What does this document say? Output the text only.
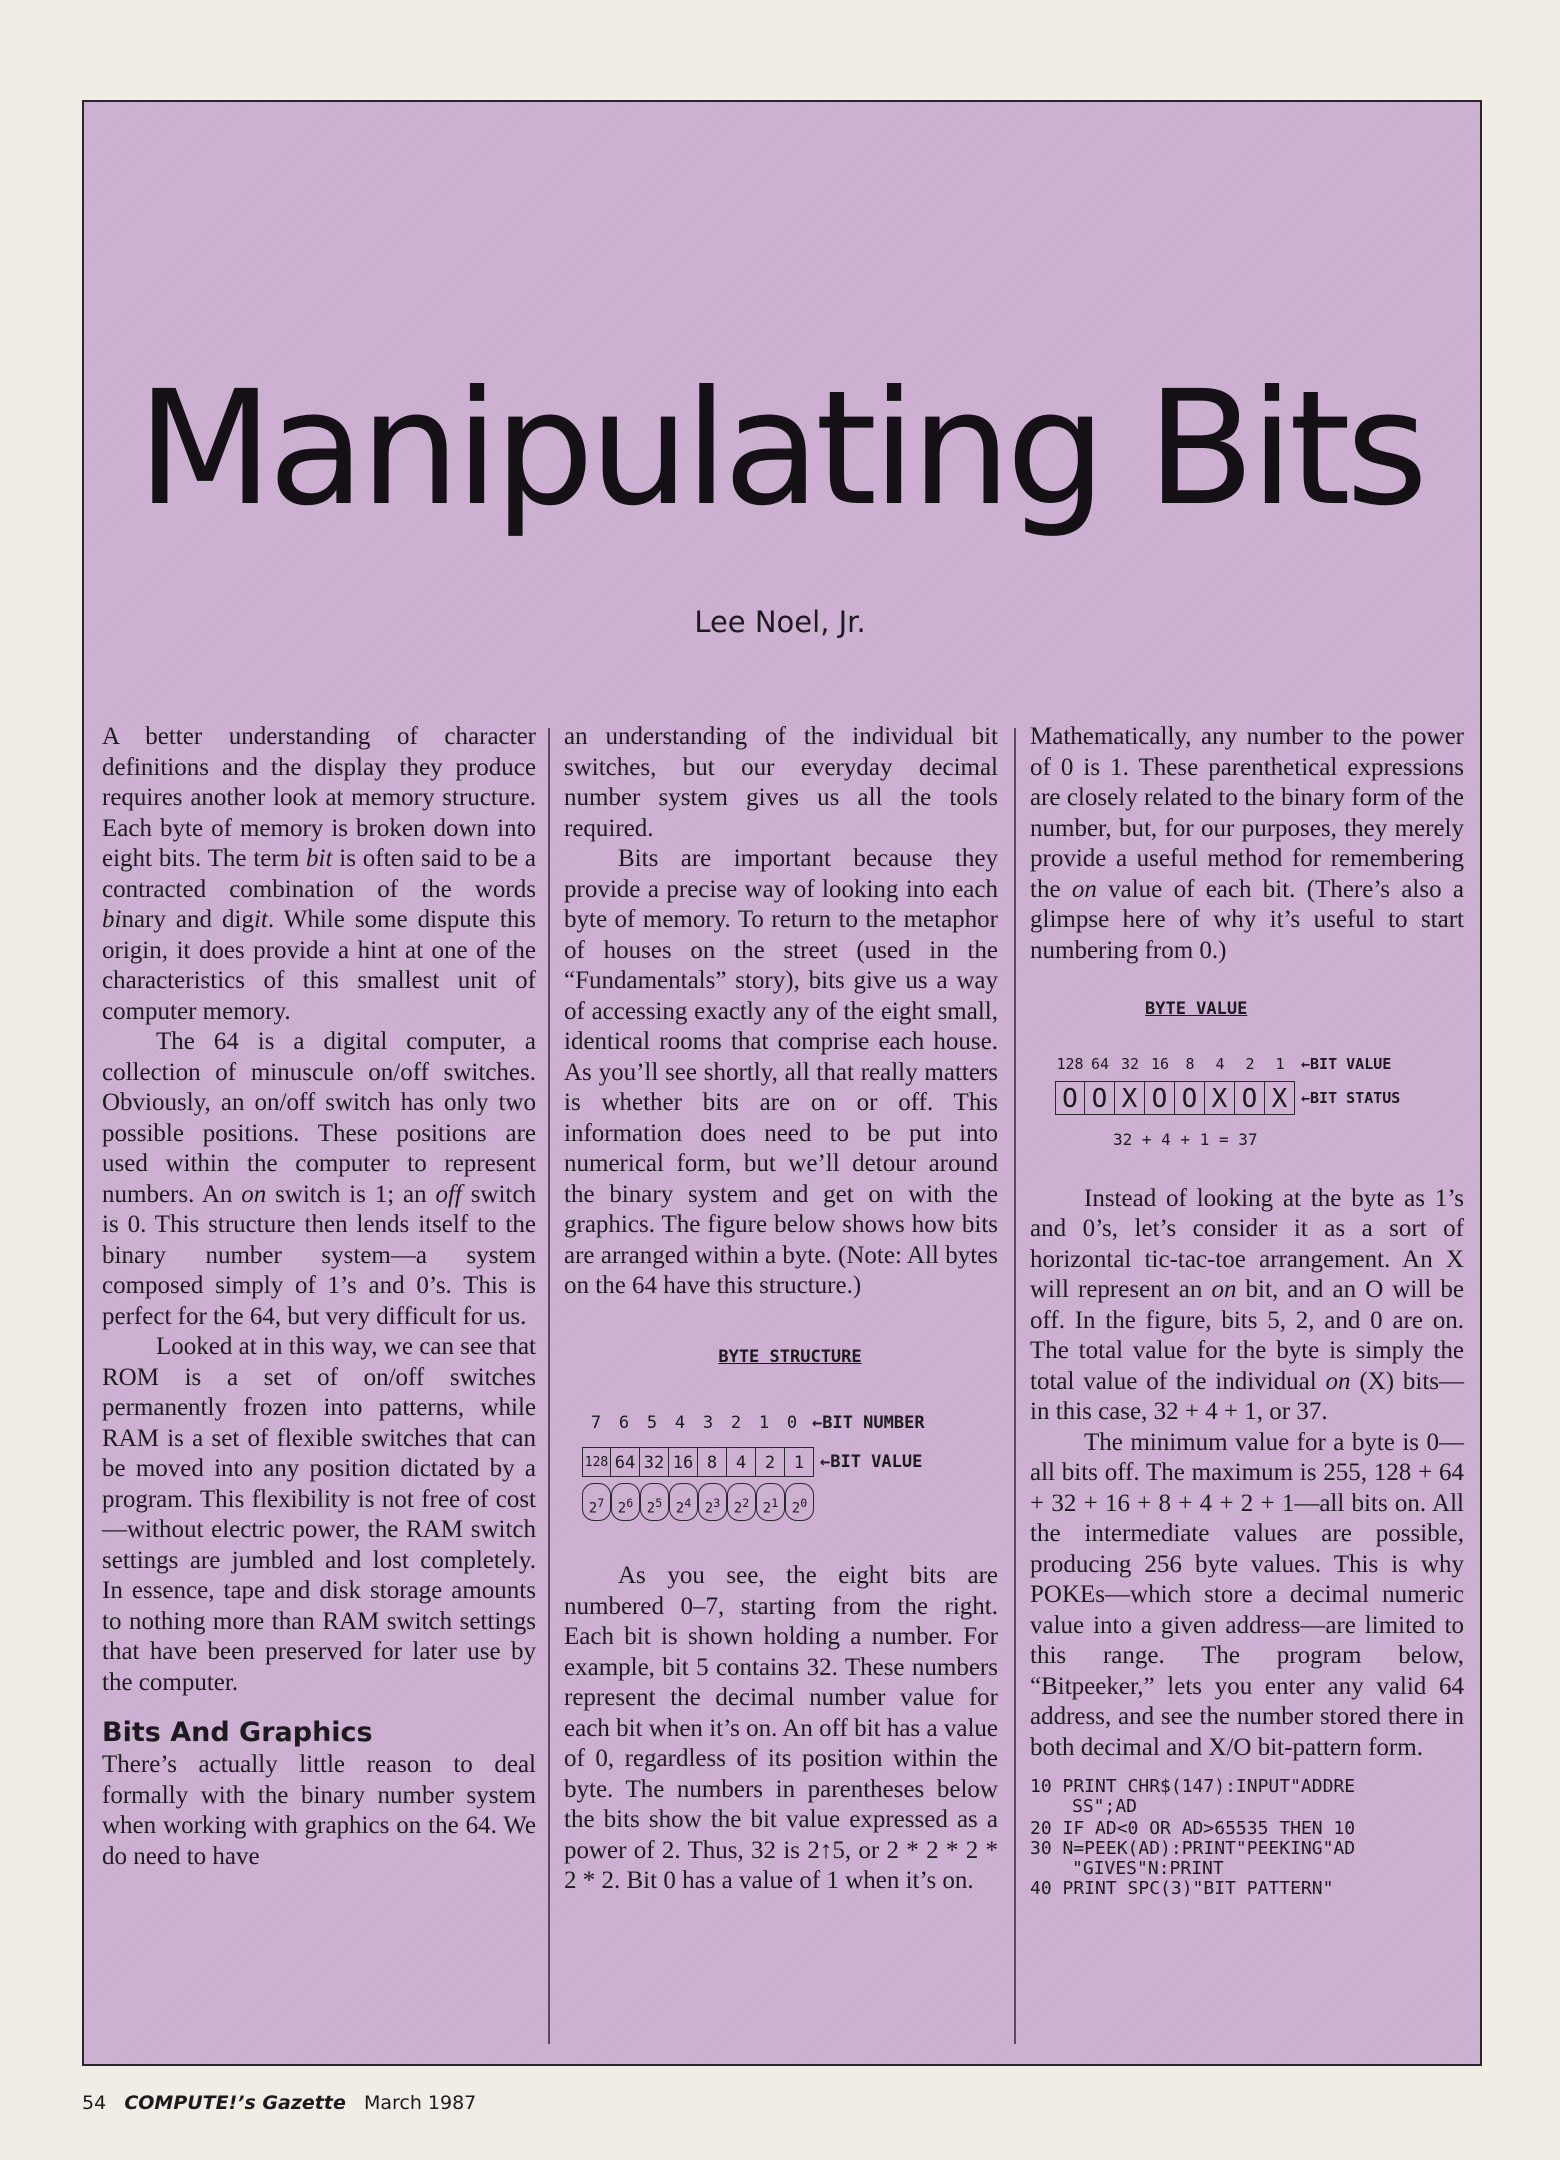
Manipulating Bits
Lee Noel, Jr.

A better understanding of character definitions and the display they produce requires another look at memory structure. Each byte of memory is broken down into eight bits. The term bit is often said to be a contracted combination of the words binary and digit. While some dispute this origin, it does provide a hint at one of the characteristics of this smallest unit of computer memory.

The 64 is a digital computer, a collection of minuscule on/off switches. Obviously, an on/off switch has only two possible positions. These positions are used within the computer to represent numbers. An on switch is 1; an off switch is 0. This structure then lends itself to the binary number system—a system composed simply of 1’s and 0’s. This is perfect for the 64, but very difficult for us.

Looked at in this way, we can see that ROM is a set of on/off switches permanently frozen into patterns, while RAM is a set of flexible switches that can be moved into any position dictated by a program. This flexibility is not free of cost—without electric power, the RAM switch settings are jumbled and lost completely. In essence, tape and disk storage amounts to nothing more than RAM switch settings that have been preserved for later use by the computer.

Bits And Graphics

There’s actually little reason to deal formally with the binary number system when working with graphics on the 64. We do need to have

an understanding of the individual bit switches, but our everyday decimal number system gives us all the tools required.

Bits are important because they provide a precise way of looking into each byte of memory. To return to the metaphor of houses on the street (used in the “Fundamentals” story), bits give us a way of accessing exactly any of the eight small, identical rooms that comprise each house. As you’ll see shortly, all that really matters is whether bits are on or off. This information does need to be put into numerical form, but we’ll detour around the binary system and get on with the graphics. The figure below shows how bits are arranged within a byte. (Note: All bytes on the 64 have this structure.)

BYTE STRUCTURE
7	6	5	4	3	2	1	0 ←BIT NUMBER
128 64 32 16 8	4	2	1 ←BIT VALUE
$2^7$ $2^6$ $2^5$ $2^4$ $2^3$ $2^2$ $2^1$ $2^0$

As you see, the eight bits are numbered 0–7, starting from the right. Each bit is shown holding a number. For example, bit 5 contains 32. These numbers represent the decimal number value for each bit when it’s on. An off bit has a value of 0, regardless of its position within the byte. The numbers in parentheses below the bits show the bit value expressed as a power of 2. Thus, 32 is 2↑5, or 2 * 2 * 2 * 2 * 2. Bit 0 has a value of 1 when it’s on.

Mathematically, any number to the power of 0 is 1. These parenthetical expressions are closely related to the binary form of the number, but, for our purposes, they merely provide a useful method for remembering the on value of each bit. (There’s also a glimpse here of why it’s useful to start numbering from 0.)

BYTE VALUE
128 64 32 16	8	4	2	1	←BIT VALUE
O O X O O X O X ←BIT STATUS
32 + 4 + 1 = 37

Instead of looking at the byte as 1’s and 0’s, let’s consider it as a sort of horizontal tic-tac-toe arrangement. An X will represent an on bit, and an O will be off. In the figure, bits 5, 2, and 0 are on. The total value for the byte is simply the total value of the individual on (X) bits—in this case, 32 + 4 + 1, or 37.

The minimum value for a byte is 0—all bits off. The maximum is 255, 128 + 64 + 32 + 16 + 8 + 4 + 2 + 1—all bits on. All the intermediate values are possible, producing 256 byte values. This is why POKEs—which store a decimal numeric value into a given address—are limited to this range. The program below, “Bitpeeker,” lets you enter any valid 64 address, and see the number stored there in both decimal and X/O bit-pattern form.

10 PRINT CHR$(147):INPUT"ADDRE
SS";AD
20 IF AD<0 OR AD>65535 THEN 10
30 N=PEEK(AD):PRINT"PEEKING"AD
"GIVES"N:PRINT
40 PRINT SPC(3)"BIT PATTERN"
54 COMPUTE!’s Gazette March 1987
